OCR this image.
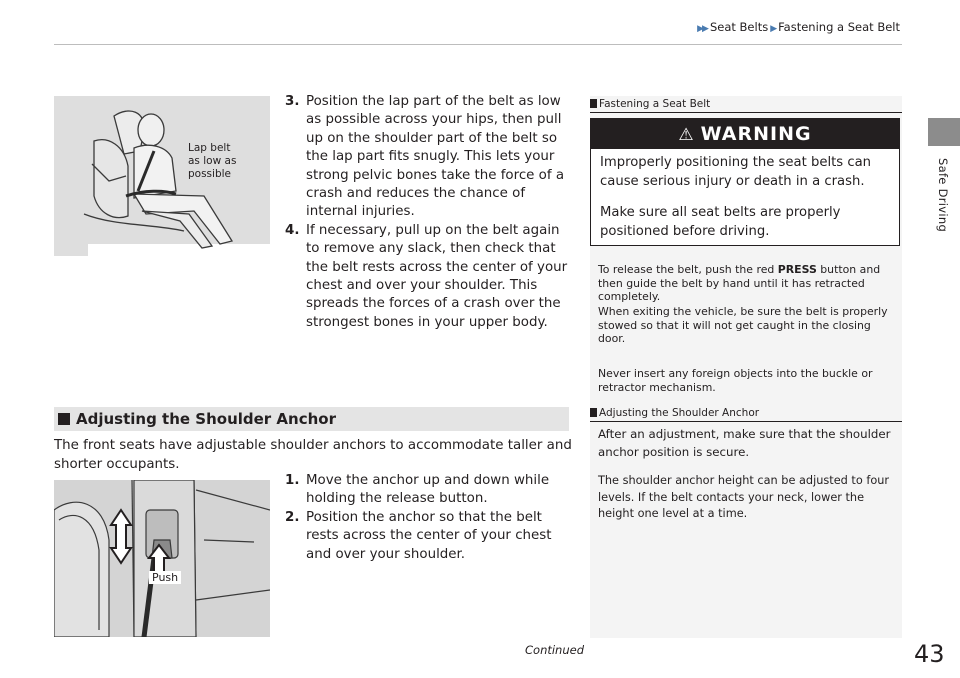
▶▶ Seat Belts ▶ Fastening a Seat Belt
Safe Driving
Lap belt
as low as
possible
3. Position the lap part of the belt as low as possible across your hips, then pull up on the shoulder part of the belt so the lap part fits snugly. This lets your strong pelvic bones take the force of a crash and reduces the chance of internal injuries.
4. If necessary, pull up on the belt again to remove any slack, then check that the belt rests across the center of your chest and over your shoulder. This spreads the forces of a crash over the strongest bones in your upper body.
Fastening a Seat Belt
⚠ WARNING

Improperly positioning the seat belts can cause serious injury or death in a crash.

Make sure all seat belts are properly positioned before driving.

To release the belt, push the red PRESS button and then guide the belt by hand until it has retracted completely.

When exiting the vehicle, be sure the belt is properly stowed so that it will not get caught in the closing door.

Never insert any foreign objects into the buckle or retractor mechanism.

Adjusting the Shoulder Anchor

The front seats have adjustable shoulder anchors to accommodate taller and shorter occupants.

Adjusting the Shoulder Anchor

After an adjustment, make sure that the shoulder anchor position is secure.

The shoulder anchor height can be adjusted to four levels. If the belt contacts your neck, lower the height one level at a time.

Push
1. Move the anchor up and down while holding the release button.
2. Position the anchor so that the belt rests across the center of your chest and over your shoulder.
Continued	43
